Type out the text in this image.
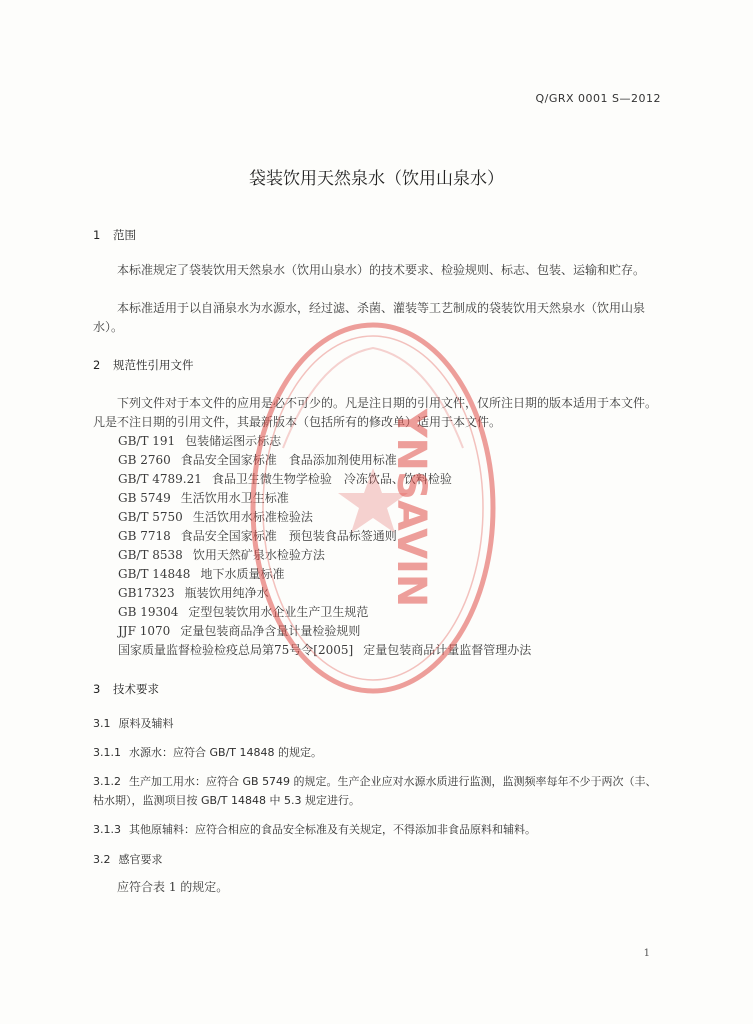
Q/GRX 0001 S—2012
袋装饮用天然泉水（饮用山泉水）
1 范围
本标准规定了袋装饮用天然泉水（饮用山泉水）的技术要求、检验规则、标志、包装、运输和贮存。
本标准适用于以自涌泉水为水源水，经过滤、杀菌、灌装等工艺制成的袋装饮用天然泉水（饮用山泉水）。
2 规范性引用文件
下列文件对于本文件的应用是必不可少的。凡是注日期的引用文件，仅所注日期的版本适用于本文件。凡是不注日期的引用文件，其最新版本（包括所有的修改单）适用于本文件。
GB/T 191 包装储运图示标志
GB 2760 食品安全国家标准　食品添加剂使用标准
GB/T 4789.21 食品卫生微生物学检验　冷冻饮品、饮料检验
GB 5749 生活饮用水卫生标准
GB/T 5750 生活饮用水标准检验法
GB 7718 食品安全国家标准　预包装食品标签通则
GB/T 8538 饮用天然矿泉水检验方法
GB/T 14848 地下水质量标准
GB17323 瓶装饮用纯净水
GB 19304 定型包装饮用水企业生产卫生规范
JJF 1070 定量包装商品净含量计量检验规则
国家质量监督检验检疫总局第75号令[2005] 定量包装商品计量监督管理办法
3 技术要求
3.1 原料及辅料
3.1.1 水源水：应符合 GB/T 14848 的规定。
3.1.2 生产加工用水：应符合 GB 5749 的规定。生产企业应对水源水质进行监测，监测频率每年不少于两次（丰、枯水期），监测项目按 GB/T 14848 中 5.3 规定进行。
3.1.3 其他原辅料：应符合相应的食品安全标准及有关规定，不得添加非食品原料和辅料。
3.2 感官要求
应符合表 1 的规定。
1
YNSAVIN
